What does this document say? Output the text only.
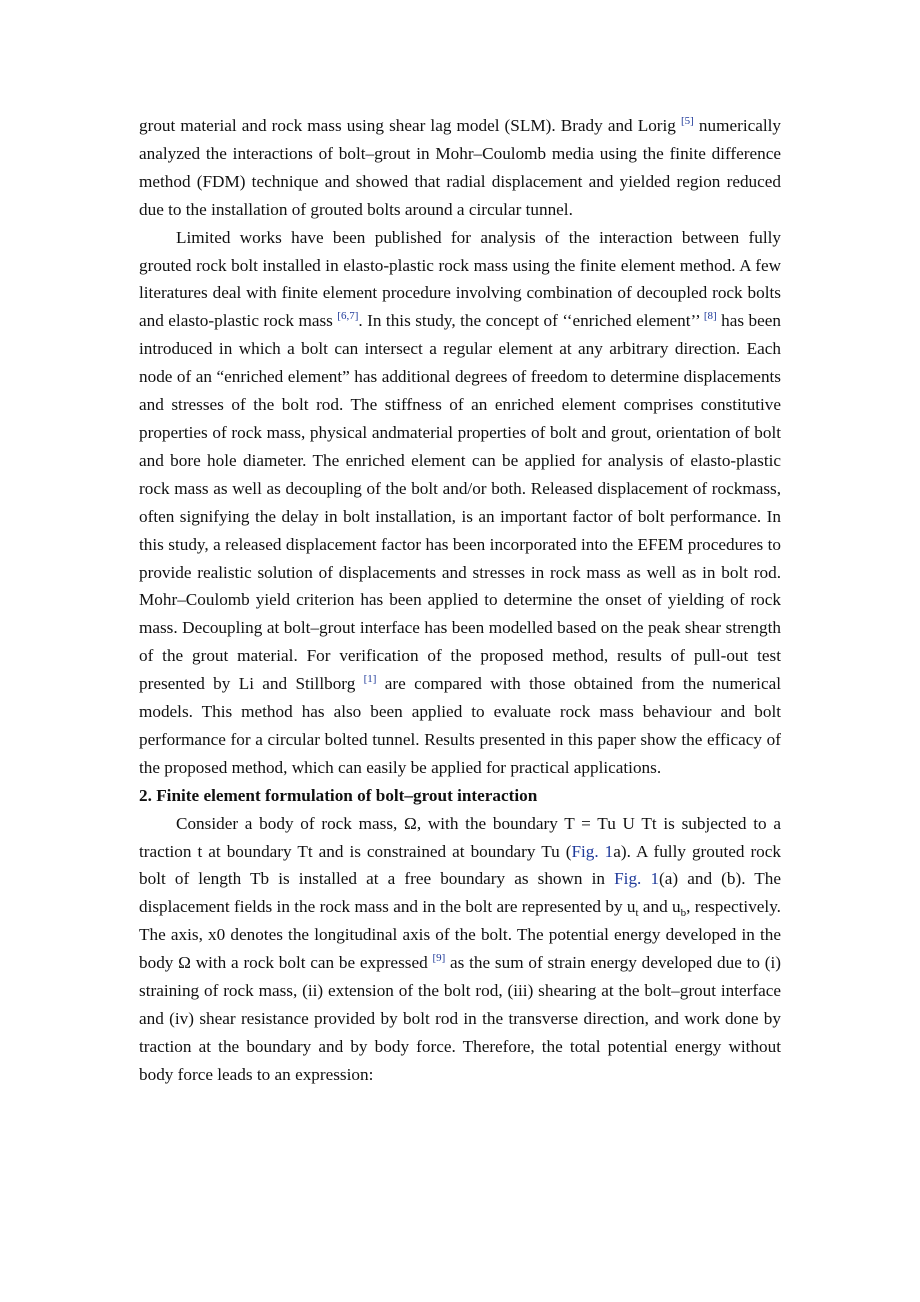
grout material and rock mass using shear lag model (SLM). Brady and Lorig [5] numerically analyzed the interactions of bolt–grout in Mohr–Coulomb media using the finite difference method (FDM) technique and showed that radial displacement and yielded region reduced due to the installation of grouted bolts around a circular tunnel.

Limited works have been published for analysis of the interaction between fully grouted rock bolt installed in elasto-plastic rock mass using the finite element method. A few literatures deal with finite element procedure involving combination of decoupled rock bolts and elasto-plastic rock mass [6,7]. In this study, the concept of ‘‘enriched element’’ [8] has been introduced in which a bolt can intersect a regular element at any arbitrary direction. Each node of an “enriched element” has additional degrees of freedom to determine displacements and stresses of the bolt rod. The stiffness of an enriched element comprises constitutive properties of rock mass, physical andmaterial properties of bolt and grout, orientation of bolt and bore hole diameter. The enriched element can be applied for analysis of elasto-plastic rock mass as well as decoupling of the bolt and/or both. Released displacement of rockmass, often signifying the delay in bolt installation, is an important factor of bolt performance. In this study, a released displacement factor has been incorporated into the EFEM procedures to provide realistic solution of displacements and stresses in rock mass as well as in bolt rod. Mohr–Coulomb yield criterion has been applied to determine the onset of yielding of rock mass. Decoupling at bolt–grout interface has been modelled based on the peak shear strength of the grout material. For verification of the proposed method, results of pull-out test presented by Li and Stillborg [1] are compared with those obtained from the numerical models. This method has also been applied to evaluate rock mass behaviour and bolt performance for a circular bolted tunnel. Results presented in this paper show the efficacy of the proposed method, which can easily be applied for practical applications.

2. Finite element formulation of bolt–grout interaction

Consider a body of rock mass, Ω, with the boundary T = Tu U Tt is subjected to a traction t at boundary Tt and is constrained at boundary Tu (Fig. 1a). A fully grouted rock bolt of length Tb is installed at a free boundary as shown in Fig. 1(a) and (b). The displacement fields in the rock mass and in the bolt are represented by $u_t$ and $u_b$, respectively. The axis, x0 denotes the longitudinal axis of the bolt. The potential energy developed in the body Ω with a rock bolt can be expressed [9] as the sum of strain energy developed due to (i) straining of rock mass, (ii) extension of the bolt rod, (iii) shearing at the bolt–grout interface and (iv) shear resistance provided by bolt rod in the transverse direction, and work done by traction at the boundary and by body force. Therefore, the total potential energy without body force leads to an expression:
